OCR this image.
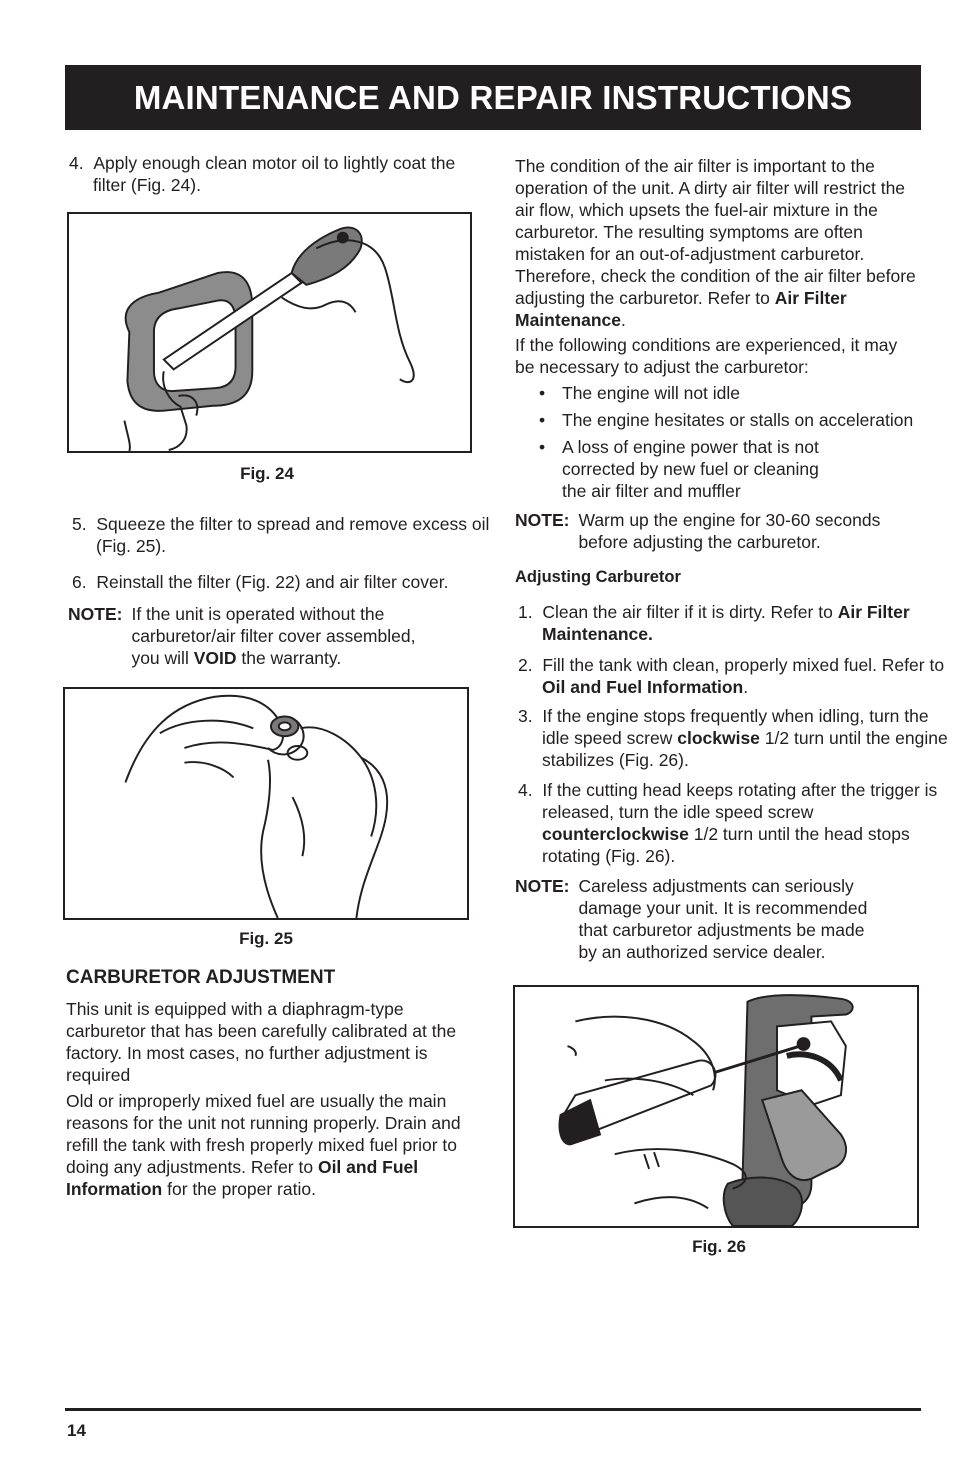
MAINTENANCE AND REPAIR INSTRUCTIONS

4. Apply enough clean motor oil to lightly coat the filter (Fig. 24).

Fig. 24

5. Squeeze the filter to spread and remove excess oil (Fig. 25).

6. Reinstall the filter (Fig. 22) and air filter cover.

NOTE: If the unit is operated without the carburetor/air filter cover assembled, you will VOID the warranty.
Fig. 25
CARBURETOR ADJUSTMENT

This unit is equipped with a diaphragm-type carburetor that has been carefully calibrated at the factory. In most cases, no further adjustment is required

Old or improperly mixed fuel are usually the main reasons for the unit not running properly. Drain and refill the tank with fresh properly mixed fuel prior to doing any adjustments. Refer to Oil and Fuel Information for the proper ratio.

The condition of the air filter is important to the operation of the unit. A dirty air filter will restrict the air flow, which upsets the fuel-air mixture in the carburetor. The resulting symptoms are often mistaken for an out-of-adjustment carburetor. Therefore, check the condition of the air filter before adjusting the carburetor. Refer to Air Filter Maintenance.

If the following conditions are experienced, it may be necessary to adjust the carburetor:

• The engine will not idle
• The engine hesitates or stalls on acceleration
• A loss of engine power that is not corrected by new fuel or cleaning the air filter and muffler
NOTE: Warm up the engine for 30-60 seconds before adjusting the carburetor.
Adjusting Carburetor

1. Clean the air filter if it is dirty. Refer to Air Filter Maintenance.

2. Fill the tank with clean, properly mixed fuel. Refer to Oil and Fuel Information.

3. If the engine stops frequently when idling, turn the idle speed screw clockwise 1/2 turn until the engine stabilizes (Fig. 26).

4. If the cutting head keeps rotating after the trigger is released, turn the idle speed screw counterclockwise 1/2 turn until the head stops rotating (Fig. 26).

NOTE: Careless adjustments can seriously damage your unit. It is recommended that carburetor adjustments be made by an authorized service dealer.
Fig. 26
14
